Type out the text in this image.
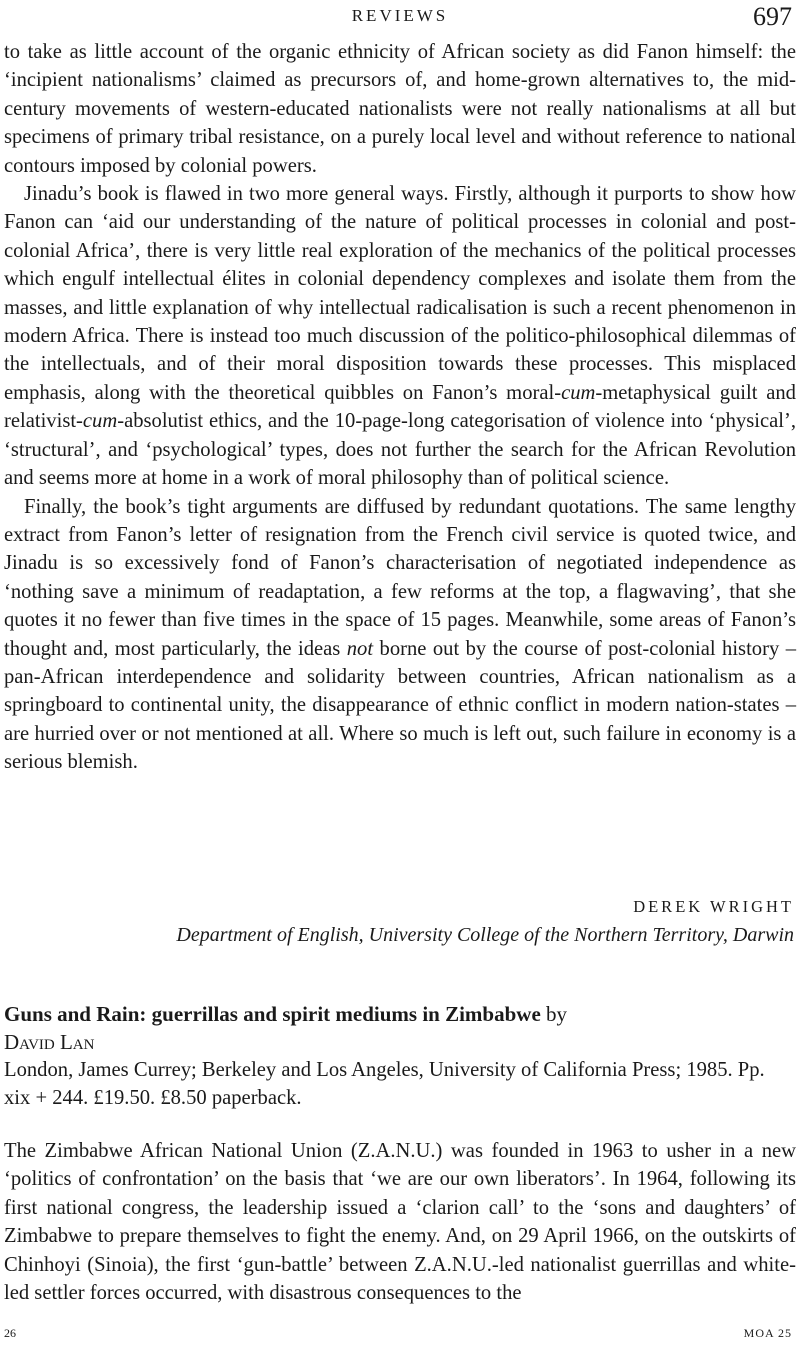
REVIEWS	697

to take as little account of the organic ethnicity of African society as did Fanon himself: the ‘incipient nationalisms’ claimed as precursors of, and home-grown alternatives to, the mid-century movements of western-educated nationalists were not really nationalisms at all but specimens of primary tribal resistance, on a purely local level and without reference to national contours imposed by colonial powers.

Jinadu’s book is flawed in two more general ways. Firstly, although it purports to show how Fanon can ‘aid our understanding of the nature of political processes in colonial and post-colonial Africa’, there is very little real exploration of the mechanics of the political processes which engulf intellectual élites in colonial dependency complexes and isolate them from the masses, and little explanation of why intellectual radicalisation is such a recent phenomenon in modern Africa. There is instead too much discussion of the politico-philosophical dilemmas of the intellectuals, and of their moral disposition towards these processes. This misplaced emphasis, along with the theoretical quibbles on Fanon’s moral-cum-metaphysical guilt and relativist-cum-absolutist ethics, and the 10-page-long categorisation of violence into ‘physical’, ‘structural’, and ‘psychological’ types, does not further the search for the African Revolution and seems more at home in a work of moral philosophy than of political science.

Finally, the book’s tight arguments are diffused by redundant quotations. The same lengthy extract from Fanon’s letter of resignation from the French civil service is quoted twice, and Jinadu is so excessively fond of Fanon’s characterisation of negotiated independence as ‘nothing save a minimum of readaptation, a few reforms at the top, a flagwaving’, that she quotes it no fewer than five times in the space of 15 pages. Meanwhile, some areas of Fanon’s thought and, most particularly, the ideas not borne out by the course of post-colonial history – pan-African interdependence and solidarity between countries, African nationalism as a springboard to continental unity, the disappearance of ethnic conflict in modern nation-states – are hurried over or not mentioned at all. Where so much is left out, such failure in economy is a serious blemish.

DEREK WRIGHT
Department of English, University College of the Northern Territory, Darwin
Guns and Rain: guerrillas and spirit mediums in Zimbabwe by
David Lan
London, James Currey; Berkeley and Los Angeles, University of California Press; 1985. Pp. xix + 244. £19.50. £8.50 paperback.

The Zimbabwe African National Union (Z.A.N.U.) was founded in 1963 to usher in a new ‘politics of confrontation’ on the basis that ‘we are our own liberators’. In 1964, following its first national congress, the leadership issued a ‘clarion call’ to the ‘sons and daughters’ of Zimbabwe to prepare themselves to fight the enemy. And, on 29 April 1966, on the outskirts of Chinhoyi (Sinoia), the first ‘gun-battle’ between Z.A.N.U.-led nationalist guerrillas and white-led settler forces occurred, with disastrous consequences to the

26	MOA 25
